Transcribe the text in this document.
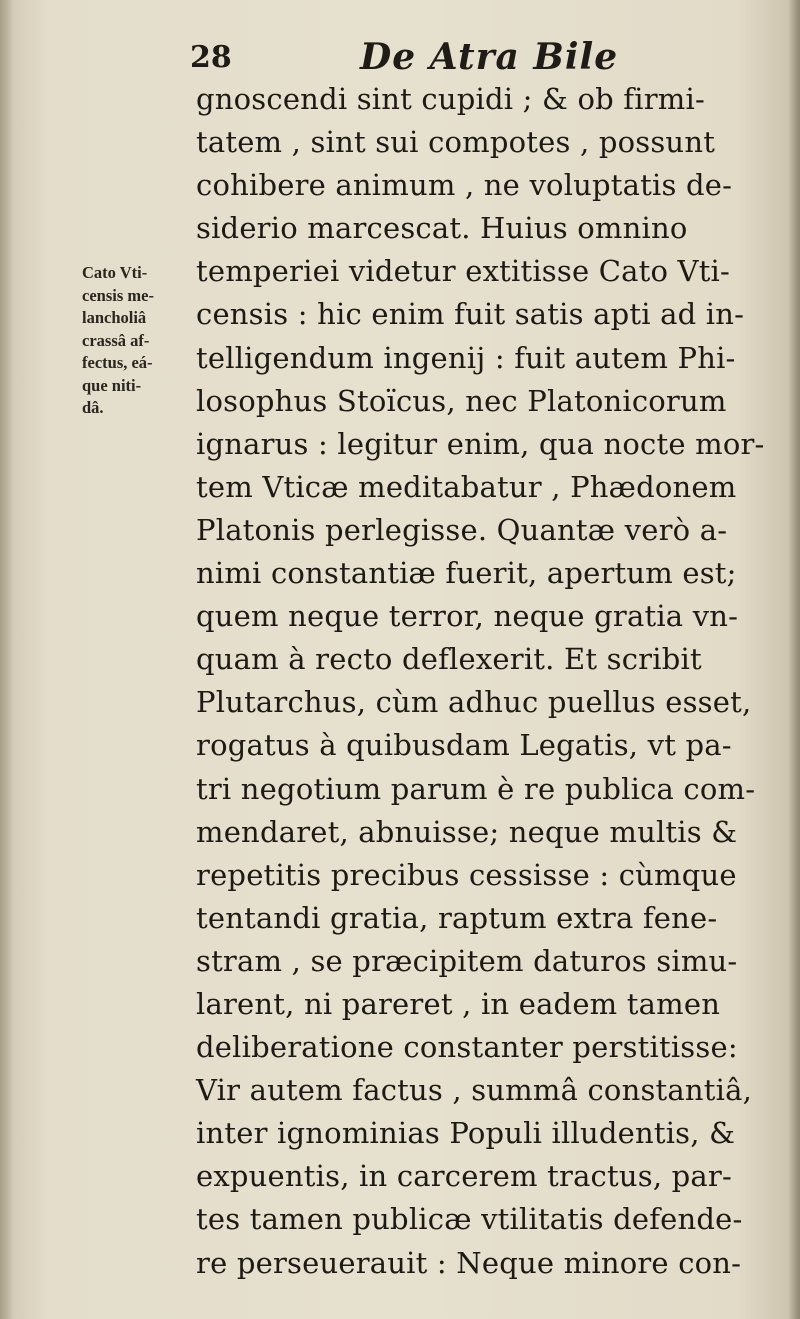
28	De Atra Bile
Cato Vti-
censis me-
lancholiâ
crassâ af-
fectus, eá-
que niti-
dâ.
gnoscendi sint cupidi ; & ob firmi-
tatem , sint sui compotes , possunt
cohibere animum , ne voluptatis de-
siderio marcescat. Huius omnino
temperiei videtur extitisse Cato Vti-
censis : hic enim fuit satis apti ad in-
telligendum ingenij : fuit autem Phi-
losophus Stoïcus, nec Platonicorum
ignarus : legitur enim, qua nocte mor-
tem Vticæ meditabatur , Phædonem
Platonis perlegisse. Quantæ verò a-
nimi constantiæ fuerit, apertum est;
quem neque terror, neque gratia vn-
quam à recto deflexerit. Et scribit
Plutarchus, cùm adhuc puellus esset,
rogatus à quibusdam Legatis, vt pa-
tri negotium parum è re publica com-
mendaret, abnuisse; neque multis &
repetitis precibus cessisse : cùmque
tentandi gratia, raptum extra fene-
stram , se præcipitem daturos simu-
larent, ni pareret , in eadem tamen
deliberatione constanter perstitisse:
Vir autem factus , summâ constantiâ,
inter ignominias Populi illudentis, &
expuentis, in carcerem tractus, par-
tes tamen publicæ vtilitatis defende-
re perseuerauit : Neque minore con-
